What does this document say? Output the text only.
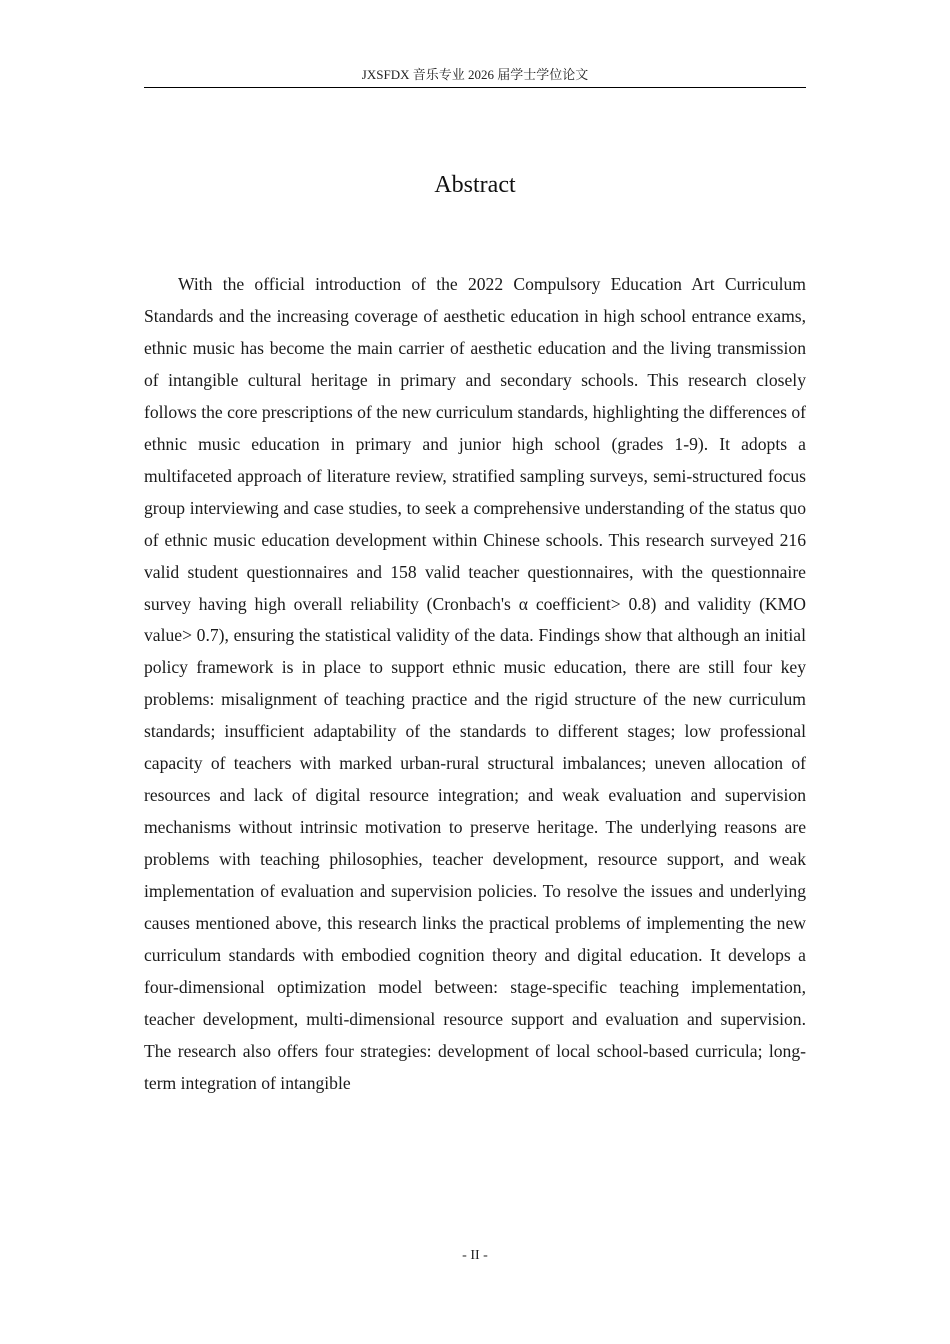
JXSFDX 音乐专业 2026 届学士学位论文
Abstract

With the official introduction of the 2022 Compulsory Education Art Curriculum Standards and the increasing coverage of aesthetic education in high school entrance exams, ethnic music has become the main carrier of aesthetic education and the living transmission of intangible cultural heritage in primary and secondary schools. This research closely follows the core prescriptions of the new curriculum standards, highlighting the differences of ethnic music education in primary and junior high school (grades 1-9). It adopts a multifaceted approach of literature review, stratified sampling surveys, semi-structured focus group interviewing and case studies, to seek a comprehensive understanding of the status quo of ethnic music education development within Chinese schools. This research surveyed 216 valid student questionnaires and 158 valid teacher questionnaires, with the questionnaire survey having high overall reliability (Cronbach's α coefficient> 0.8) and validity (KMO value> 0.7), ensuring the statistical validity of the data. Findings show that although an initial policy framework is in place to support ethnic music education, there are still four key problems: misalignment of teaching practice and the rigid structure of the new curriculum standards; insufficient adaptability of the standards to different stages; low professional capacity of teachers with marked urban-rural structural imbalances; uneven allocation of resources and lack of digital resource integration; and weak evaluation and supervision mechanisms without intrinsic motivation to preserve heritage. The underlying reasons are problems with teaching philosophies, teacher development, resource support, and weak implementation of evaluation and supervision policies. To resolve the issues and underlying causes mentioned above, this research links the practical problems of implementing the new curriculum standards with embodied cognition theory and digital education. It develops a four-dimensional optimization model between: stage-specific teaching implementation, teacher development, multi-dimensional resource support and evaluation and supervision. The research also offers four strategies: development of local school-based curricula; long-term integration of intangible

- II -
